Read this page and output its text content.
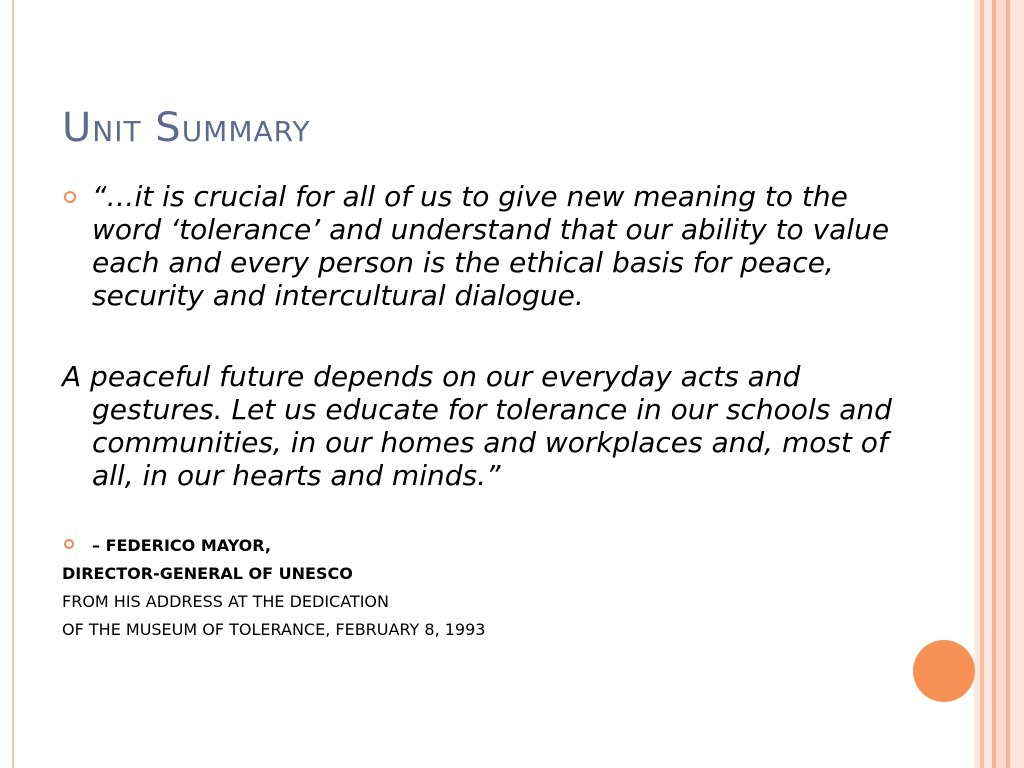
Unit Summary
“…it is crucial for all of us to give new meaning to the word ‘tolerance’ and understand that our ability to value each and every person is the ethical basis for peace, security and intercultural dialogue.
A peaceful future depends on our everyday acts and gestures. Let us educate for tolerance in our schools and communities, in our homes and workplaces and, most of all, in our hearts and minds.”
– FEDERICO MAYOR,
DIRECTOR-GENERAL OF UNESCO
FROM HIS ADDRESS AT THE DEDICATION
OF THE MUSEUM OF TOLERANCE, FEBRUARY 8, 1993
